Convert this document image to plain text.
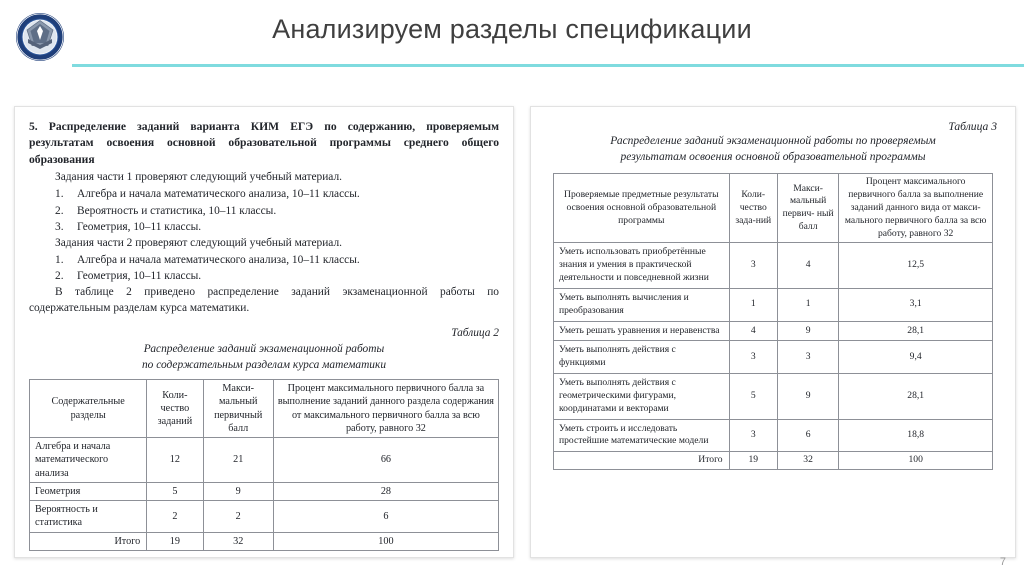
•••••	Анализируем разделы спецификации
5. Распределение заданий варианта КИМ ЕГЭ по содержанию, проверяемым результатам освоения основной образовательной программы среднего общего образования
Задания части 1 проверяют следующий учебный материал.
1.	Алгебра и начала математического анализа, 10–11 классы.
2.	Вероятность и статистика, 10–11 классы.
3.	Геометрия, 10–11 классы.
Задания части 2 проверяют следующий учебный материал.
1.	Алгебра и начала математического анализа, 10–11 классы.
2.	Геометрия, 10–11 классы.
В таблице 2 приведено распределение заданий экзаменационной работы по содержательным разделам курса математики.
Таблица 2
Распределение заданий экзаменационной работы
по содержательным разделам курса математики
Содержательные разделы	Коли- чество заданий	Макси- мальный первичный балл	Процент максимального первичного балла за выполнение заданий данного раздела содержания от максимального первичного балла за всю работу, равного 32
Алгебра и начала математического анализа	12	21	66
Геометрия	5	9	28
Вероятность и статистика	2	2	6
Итого	19	32	100
Таблица 3
Распределение заданий экзаменационной работы по проверяемым
результатам освоения основной образовательной программы
Проверяемые предметные результаты освоения основной образовательной программы	Коли- чество зада-ний	Макси- мальный первич- ный балл	Процент максимального первичного балла за выполнение заданий данного вида от макси- мального первичного балла за всю работу, равного 32
Уметь использовать приобретённые знания и умения в практической деятельности и повседневной жизни	3	4	12,5
Уметь выполнять вычисления и преобразования	1	1	3,1
Уметь решать уравнения и неравенства	4	9	28,1
Уметь выполнять действия с функциями	3	3	9,4
Уметь выполнять действия с геометрическими фигурами, координатами и векторами	5	9	28,1
Уметь строить и исследовать простейшие математические модели	3	6	18,8
Итого	19	32	100
7
